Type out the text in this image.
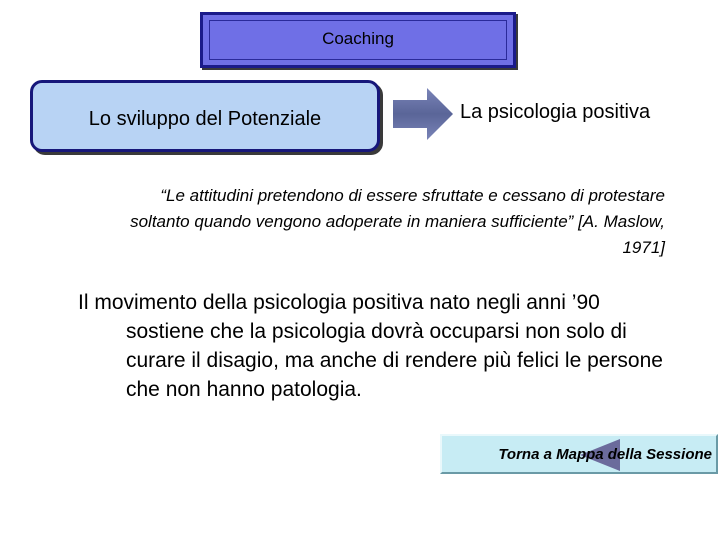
Coaching
Lo sviluppo del Potenziale	La psicologia positiva
“Le attitudini pretendono di essere sfruttate e cessano di protestare soltanto quando vengono adoperate in maniera sufficiente” [A. Maslow, 1971]
Il movimento della psicologia positiva nato negli anni ’90 sostiene che la psicologia dovrà occuparsi non solo di curare il disagio, ma anche di rendere più felici le persone che non hanno patologia.
Torna a Mappa della Sessione
